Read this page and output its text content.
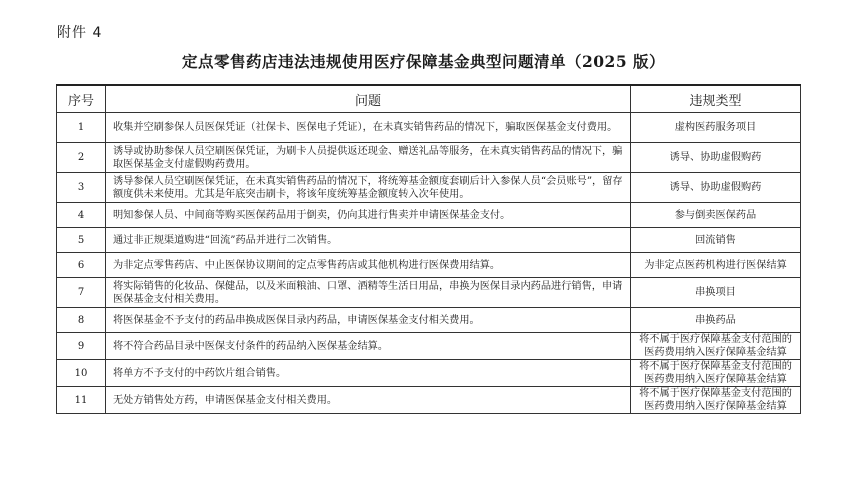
附件 4
定点零售药店违法违规使用医疗保障基金典型问题清单（2025 版）
序号	问题	违规类型
1	收集并空刷参保人员医保凭证（社保卡、医保电子凭证），在未真实销售药品的情况下，骗取医保基金支付费用。	虚构医药服务项目
2	诱导或协助参保人员空刷医保凭证，为刷卡人员提供返还现金、赠送礼品等服务，在未真实销售药品的情况下，骗取医保基金支付虚假购药费用。	诱导、协助虚假购药
3	诱导参保人员空刷医保凭证，在未真实销售药品的情况下，将统筹基金额度套刷后计入参保人员“会员账号”，留存额度供未来使用。尤其是年底突击刷卡，将该年度统筹基金额度转入次年使用。	诱导、协助虚假购药
4	明知参保人员、中间商等购买医保药品用于倒卖，仍向其进行售卖并申请医保基金支付。	参与倒卖医保药品
5	通过非正规渠道购进“回流”药品并进行二次销售。	回流销售
6	为非定点零售药店、中止医保协议期间的定点零售药店或其他机构进行医保费用结算。	为非定点医药机构进行医保结算
7	将实际销售的化妆品、保健品，以及米面粮油、口罩、酒精等生活日用品，串换为医保目录内药品进行销售，申请医保基金支付相关费用。	串换项目
8	将医保基金不予支付的药品串换成医保目录内药品，申请医保基金支付相关费用。	串换药品
9	将不符合药品目录中医保支付条件的药品纳入医保基金结算。	将不属于医疗保障基金支付范围的医药费用纳入医疗保障基金结算
10	将单方不予支付的中药饮片组合销售。	将不属于医疗保障基金支付范围的医药费用纳入医疗保障基金结算
11	无处方销售处方药，申请医保基金支付相关费用。	将不属于医疗保障基金支付范围的医药费用纳入医疗保障基金结算
